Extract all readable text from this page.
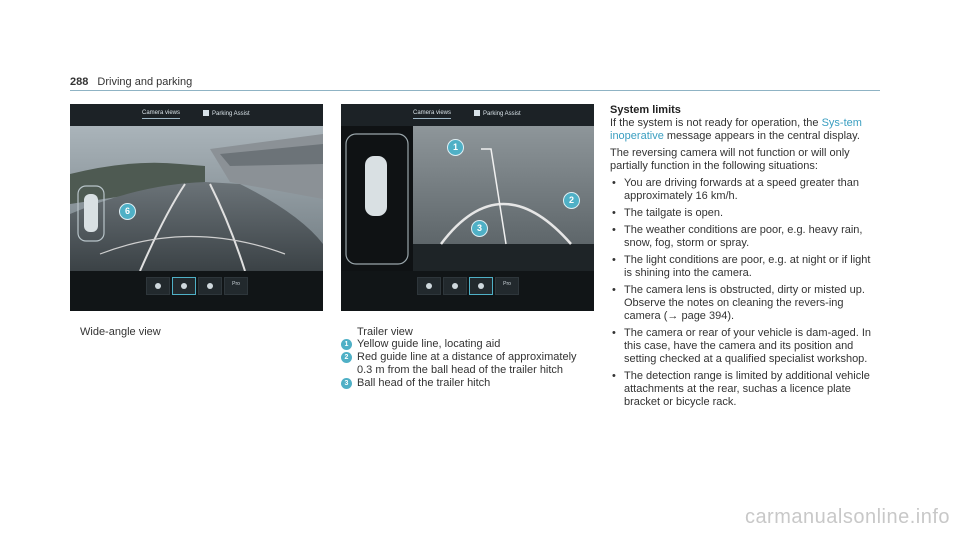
288 Driving and parking
Camera views	Parking Assist
6
Pro
Camera views	Parking Assist
1
2
3
Pro
Wide-angle view	Trailer view
1 Yellow guide line, locating aid
2 Red guide line at a distance of approximately 0.3 m from the ball head of the trailer hitch
3 Ball head of the trailer hitch
System limits

If the system is not ready for operation, the Sys-tem inoperative message appears in the central display.

The reversing camera will not function or will only partially function in the following situations:

• You are driving forwards at a speed greater than approximately 16 km/h.
• The tailgate is open.
• The weather conditions are poor, e.g. heavy rain, snow, fog, storm or spray.
• The light conditions are poor, e.g. at night or if light is shining into the camera.
• The camera lens is obstructed, dirty or misted up. Observe the notes on cleaning the revers-ing camera (→ page 394).
• The camera or rear of your vehicle is dam-aged. In this case, have the camera and its position and setting checked at a qualified specialist workshop.
• The detection range is limited by additional vehicle attachments at the rear, suchas a licence plate bracket or bicycle rack.
carmanualsonline.info
